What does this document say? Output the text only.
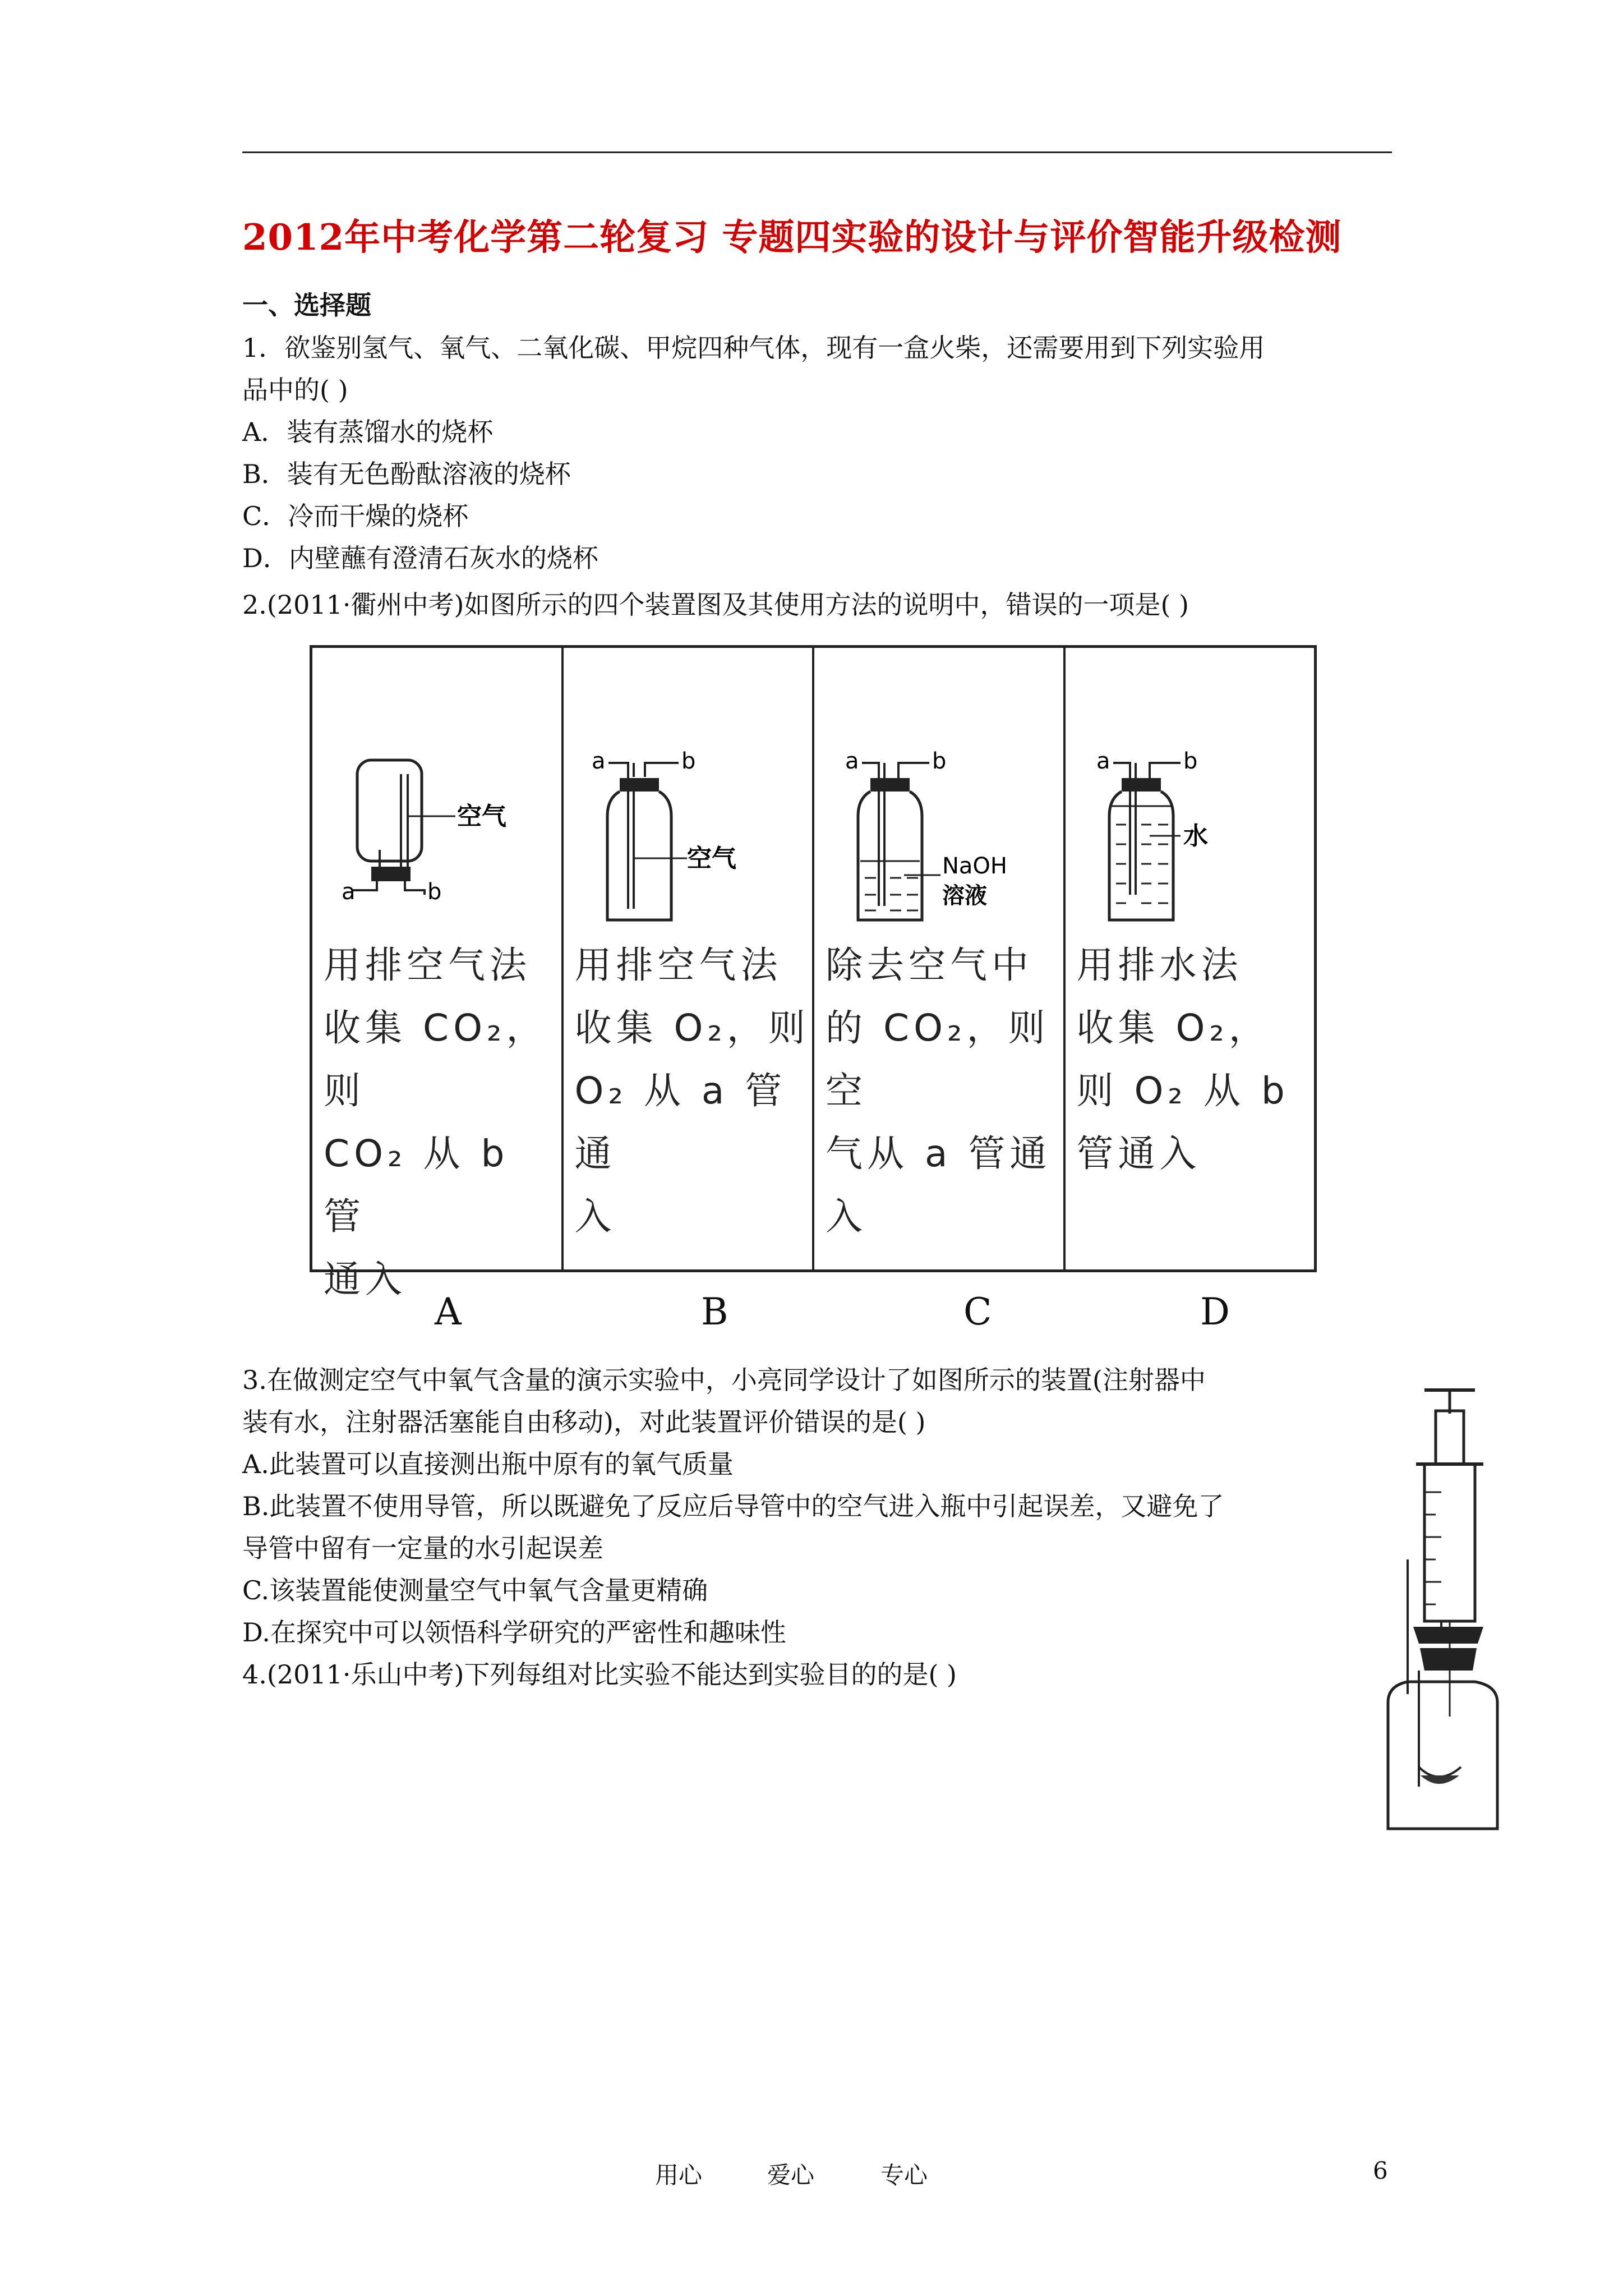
2012年中考化学第二轮复习 专题四实验的设计与评价智能升级检测
一、选择题
1．欲鉴别氢气、氧气、二氧化碳、甲烷四种气体，现有一盒火柴，还需要用到下列实验用
品中的( )
A．装有蒸馏水的烧杯
B．装有无色酚酞溶液的烧杯
C．冷而干燥的烧杯
D．内壁蘸有澄清石灰水的烧杯
2.(2011·衢州中考)如图所示的四个装置图及其使用方法的说明中，错误的一项是( )
空气
a	b
用排空气法
收集 CO₂，则
CO₂ 从 b 管
通入
a	b
空气
用排空气法
收集 O₂，则
O₂ 从 a 管通
入
a	b
NaOH
溶液
除去空气中
的 CO₂，则空
气从 a 管通
入
a	b
水
用排水法
收集 O₂，
则 O₂ 从 b
管通入
A	B	C	D
3.在做测定空气中氧气含量的演示实验中，小亮同学设计了如图所示的装置(注射器中
装有水，注射器活塞能自由移动)，对此装置评价错误的是( )
A.此装置可以直接测出瓶中原有的氧气质量
B.此装置不使用导管，所以既避免了反应后导管中的空气进入瓶中引起误差，又避免了
导管中留有一定量的水引起误差
C.该装置能使测量空气中氧气含量更精确
D.在探究中可以领悟科学研究的严密性和趣味性
4.(2011·乐山中考)下列每组对比实验不能达到实验目的的是( )
用心	爱心	专心	6
